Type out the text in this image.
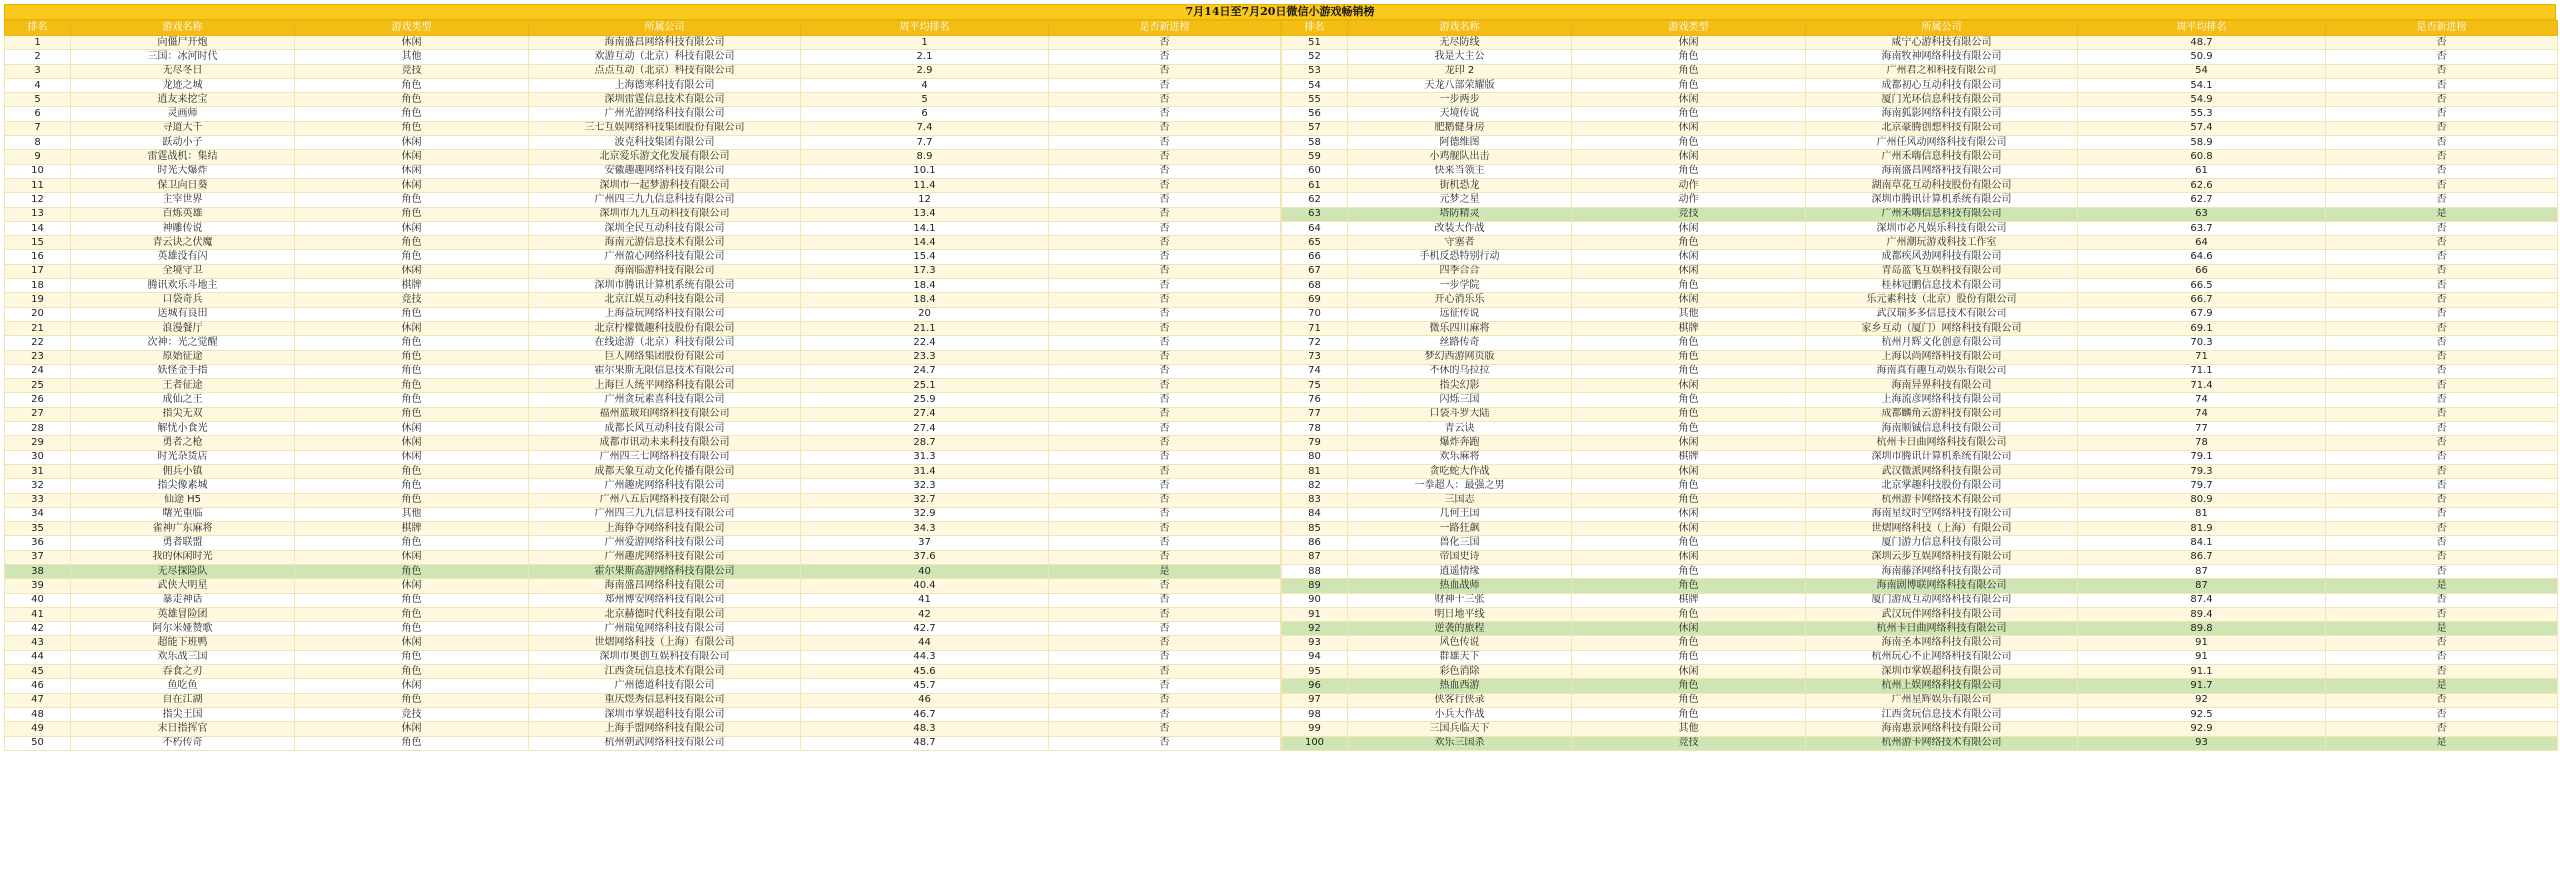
7月14日至7月20日微信小游戏畅销榜
排名	游戏名称	游戏类型	所属公司	周平均排名	是否新进榜
1	向僵尸开炮	休闲	海南盛昌网络科技有限公司	1	否
2	三国：冰河时代	其他	欢游互动（北京）科技有限公司	2.1	否
3	无尽冬日	竞技	点点互动（北京）科技有限公司	2.9	否
4	龙迹之城	角色	上海德寒科技有限公司	4	否
5	逍友来挖宝	角色	深圳雷霆信息技术有限公司	5	否
6	灵画师	角色	广州光游网络科技有限公司	6	否
7	寻道大千	角色	三七互娱网络科技集团股份有限公司	7.4	否
8	跃动小子	休闲	波克科技集团有限公司	7.7	否
9	雷霆战机：集结	休闲	北京爱乐游文化发展有限公司	8.9	否
10	时光大爆炸	休闲	安徽趣趣网络科技有限公司	10.1	否
11	保卫向日葵	休闲	深圳市一起梦游科技有限公司	11.4	否
12	主宰世界	角色	广州四三九九信息科技有限公司	12	否
13	百炼英雄	角色	深圳市九九互动科技有限公司	13.4	否
14	神雕传说	休闲	深圳全民互动科技有限公司	14.1	否
15	青云诀之伏魔	角色	海南元游信息技术有限公司	14.4	否
16	英雄没有闪	角色	广州盈心网络科技有限公司	15.4	否
17	全境守卫	休闲	海南临游科技有限公司	17.3	否
18	腾讯欢乐斗地主	棋牌	深圳市腾讯计算机系统有限公司	18.4	否
19	口袋奇兵	竞技	北京江娱互动科技有限公司	18.4	否
20	送城有良田	角色	上海益玩网络科技有限公司	20	否
21	浪漫餐厅	休闲	北京柠檬微趣科技股份有限公司	21.1	否
22	次神：光之觉醒	角色	在线途游（北京）科技有限公司	22.4	否
23	原始征途	角色	巨人网络集团股份有限公司	23.3	否
24	妖怪金手指	角色	霍尔果斯无限信息技术有限公司	24.7	否
25	王者征途	角色	上海巨人统平网络科技有限公司	25.1	否
26	成仙之王	角色	广州贪玩素喜科技有限公司	25.9	否
27	指尖无双	角色	福州蓝玻珀网络科技有限公司	27.4	否
28	解忧小食光	休闲	成都长风互动科技有限公司	27.4	否
29	勇者之枪	休闲	成都市讯动未来科技有限公司	28.7	否
30	时光杂货店	休闲	广州四三七网络科技有限公司	31.3	否
31	佣兵小镇	角色	成都天象互动文化传播有限公司	31.4	否
32	指尖像素城	角色	广州趣虎网络科技有限公司	32.3	否
33	仙途 H5	角色	广州八五后网络科技有限公司	32.7	否
34	曙光重临	其他	广州四三九九信息科技有限公司	32.9	否
35	雀神广东麻将	棋牌	上海铮夺网络科技有限公司	34.3	否
36	勇者联盟	角色	广州爱游网络科技有限公司	37	否
37	我的休闲时光	休闲	广州趣虎网络科技有限公司	37.6	否
38	无尽探险队	角色	霍尔果斯高游网络科技有限公司	40	是
39	武侠大明星	休闲	海南盛昌网络科技有限公司	40.4	否
40	暴走神话	角色	郑州博安网络科技有限公司	41	否
41	英雄冒险团	角色	北京赫德时代科技有限公司	42	否
42	阿尔米娅赞歌	角色	广州瑞兔网络科技有限公司	42.7	否
43	超能下班鸭	休闲	世熠网络科技（上海）有限公司	44	否
44	欢乐战三国	角色	深圳市奥创互娱科技有限公司	44.3	否
45	吞食之刃	角色	江西贪玩信息技术有限公司	45.6	否
46	鱼吃鱼	休闲	广州德道科技有限公司	45.7	否
47	自在江湖	角色	重庆煜秀信息科技有限公司	46	否
48	指尖王国	竞技	深圳市掌娱超科技有限公司	46.7	否
49	末日指挥官	休闲	上海手盟网络科技有限公司	48.3	否
50	不朽传奇	角色	杭州朝武网络科技有限公司	48.7	否
排名	游戏名称	游戏类型	所属公司	周平均排名	是否新进榜
51	无尽防线	休闲	咸宁心游科技有限公司	48.7	否
52	我是大主公	角色	海南牧神网络科技有限公司	50.9	否
53	龙印 2	角色	广州君之和科技有限公司	54	否
54	天龙八部荣耀版	角色	成都初心互动科技有限公司	54.1	否
55	一步两步	休闲	厦门光环信息科技有限公司	54.9	否
56	天境传说	角色	海南狐影网络科技有限公司	55.3	否
57	肥鹅健身房	休闲	北京豪腾创想科技有限公司	57.4	否
58	阿德维图	角色	广州任风动网络科技有限公司	58.9	否
59	小鸡舰队出击	休闲	广州禾嗨信息科技有限公司	60.8	否
60	快来当领主	角色	海南盛昌网络科技有限公司	61	否
61	街机恐龙	动作	湖南草花互动科技股份有限公司	62.6	否
62	元梦之星	动作	深圳市腾讯计算机系统有限公司	62.7	否
63	塔防精灵	竞技	广州禾嗨信息科技有限公司	63	是
64	改装大作战	休闲	深圳市必凡娱乐科技有限公司	63.7	否
65	守塞者	角色	广州潮玩游戏科技工作室	64	否
66	手机反恐特别行动	休闲	成都疾风劲网科技有限公司	64.6	否
67	四季合合	休闲	青岛蓝飞互娱科技有限公司	66	否
68	一步学院	角色	桂林冠鹏信息技术有限公司	66.5	否
69	开心消乐乐	休闲	乐元素科技（北京）股份有限公司	66.7	否
70	远征传说	其他	武汉瑞多多信息技术有限公司	67.9	否
71	微乐四川麻将	棋牌	家乡互动（厦门）网络科技有限公司	69.1	否
72	丝路传奇	角色	杭州月辉文化创意有限公司	70.3	否
73	梦幻西游网页版	角色	上海以尚网络科技有限公司	71	否
74	不休的乌拉拉	角色	海南真有趣互动娱乐有限公司	71.1	否
75	指尖幻影	休闲	海南异界科技有限公司	71.4	否
76	闪烁三国	角色	上海流彦网络科技有限公司	74	否
77	口袋斗罗大陆	角色	成都麟角云游科技有限公司	74	否
78	青云诀	角色	海南顺铖信息科技有限公司	77	否
79	爆炸奔跑	休闲	杭州卡日曲网络科技有限公司	78	否
80	欢乐麻将	棋牌	深圳市腾讯计算机系统有限公司	79.1	否
81	贪吃蛇大作战	休闲	武汉微派网络科技有限公司	79.3	否
82	一拳超人：最强之男	角色	北京掌趣科技股份有限公司	79.7	否
83	三国志	角色	杭州游卡网络技术有限公司	80.9	否
84	几何王国	休闲	海南星纹时空网络科技有限公司	81	否
85	一路狂飙	休闲	世熠网络科技（上海）有限公司	81.9	否
86	兽化三国	角色	厦门游力信息科技有限公司	84.1	否
87	帝国史诗	休闲	深圳云步互娱网络科技有限公司	86.7	否
88	逍遥情缘	角色	海南藤泽网络科技有限公司	87	否
89	热血战师	角色	海南剧博联网络科技有限公司	87	是
90	财神十三张	棋牌	厦门游成互动网络科技有限公司	87.4	否
91	明日地平线	角色	武汉玩伴网络科技有限公司	89.4	否
92	逆袭的旅程	休闲	杭州卡日曲网络科技有限公司	89.8	是
93	风色传说	角色	海南圣本网络科技有限公司	91	否
94	群雄天下	角色	杭州玩心不止网络科技有限公司	91	否
95	彩色消除	休闲	深圳市掌娱超科技有限公司	91.1	否
96	热血西游	角色	杭州上娱网络科技有限公司	91.7	是
97	侠客行侠录	角色	广州星辉娱乐有限公司	92	否
98	小兵大作战	角色	江西贪玩信息技术有限公司	92.5	否
99	三国兵临天下	其他	海南惠景网络科技有限公司	92.9	否
100	欢乐三国杀	竞技	杭州游卡网络技术有限公司	93	是
